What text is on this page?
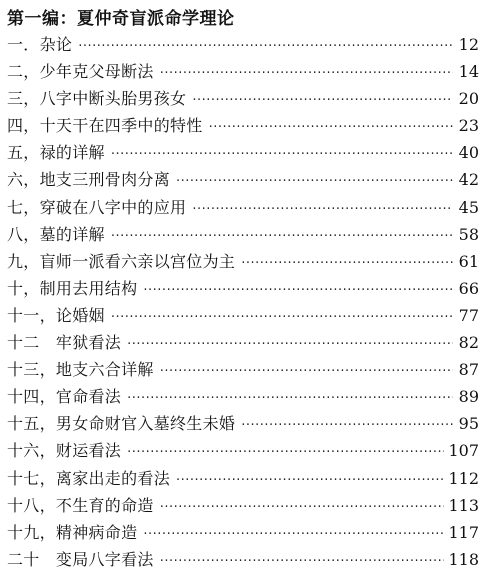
第一编：夏仲奇盲派命学理论
一．杂论 ·····	12
二，少年克父母断法 ·····	14
三，八字中断头胎男孩女 ·····	20
四，十天干在四季中的特性 ·····	23
五，禄的详解 ·····	40
六，地支三刑骨肉分离 ·····	42
七，穿破在八字中的应用 ·····	45
八，墓的详解 ·····	58
九，盲师一派看六亲以宫位为主 ·····	61
十，制用去用结构 ·····	66
十一，论婚姻 ·····	77
十二　牢狱看法 ·····	82
十三，地支六合详解 ·····	87
十四，官命看法 ·····	89
十五，男女命财官入墓终生未婚 ·····	95
十六，财运看法 ·····	107
十七，离家出走的看法 ·····	112
十八，不生育的命造 ·····	113
十九，精神病命造 ·····	117
二十　变局八字看法 ·····	118
